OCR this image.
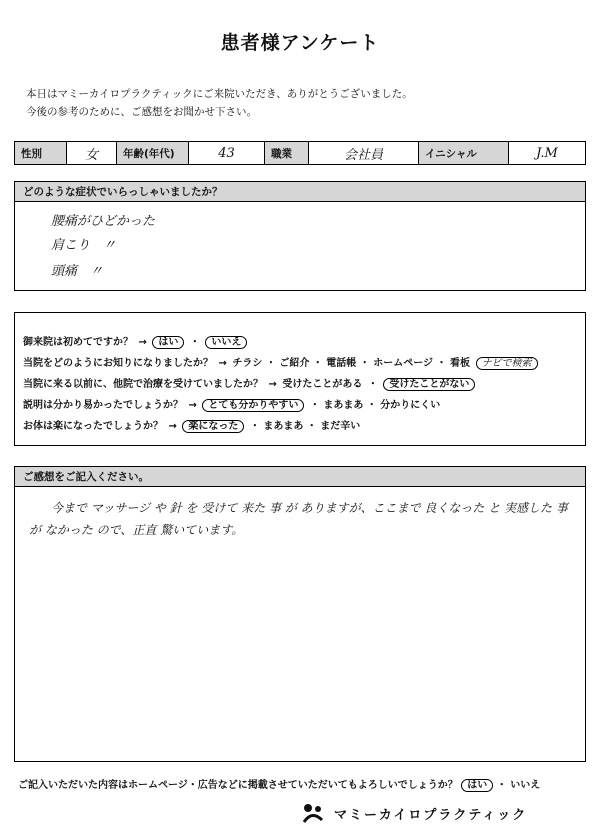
患者様アンケート
本日はマミーカイロプラクティックにご来院いただき、ありがとうございました。
今後の参考のために、ご感想をお聞かせ下さい。
性別	女	年齢(年代)	43	職業	会社員	イニシャル	J.M
どのような症状でいらっしゃいましたか？
腰痛がひどかった
肩こり　〃
頭痛　〃
御来院は初めてですか？ → はい ・ いいえ
当院をどのようにお知りになりましたか？ → チラシ ・ ご紹介 ・ 電話帳 ・ ホームページ ・ 看板 ナビで検索
当院に来る以前に、他院で治療を受けていましたか？ → 受けたことがある ・ 受けたことがない
説明は分かり易かったでしょうか？ → とても分かりやすい ・ まあまあ ・ 分かりにくい
お体は楽になったでしょうか？ → 楽になった ・ まあまあ ・ まだ辛い
ご感想をご記入ください。
今まで マッサージ や 針 を 受けて 来た 事 が ありますが、ここまで 良くなった と 実感した 事
が なかった ので、正直 驚いています。
ご記入いただいた内容はホームページ・広告などに掲載させていただいてもよろしいでしょうか？ はい ・ いいえ
マミーカイロプラクティック
